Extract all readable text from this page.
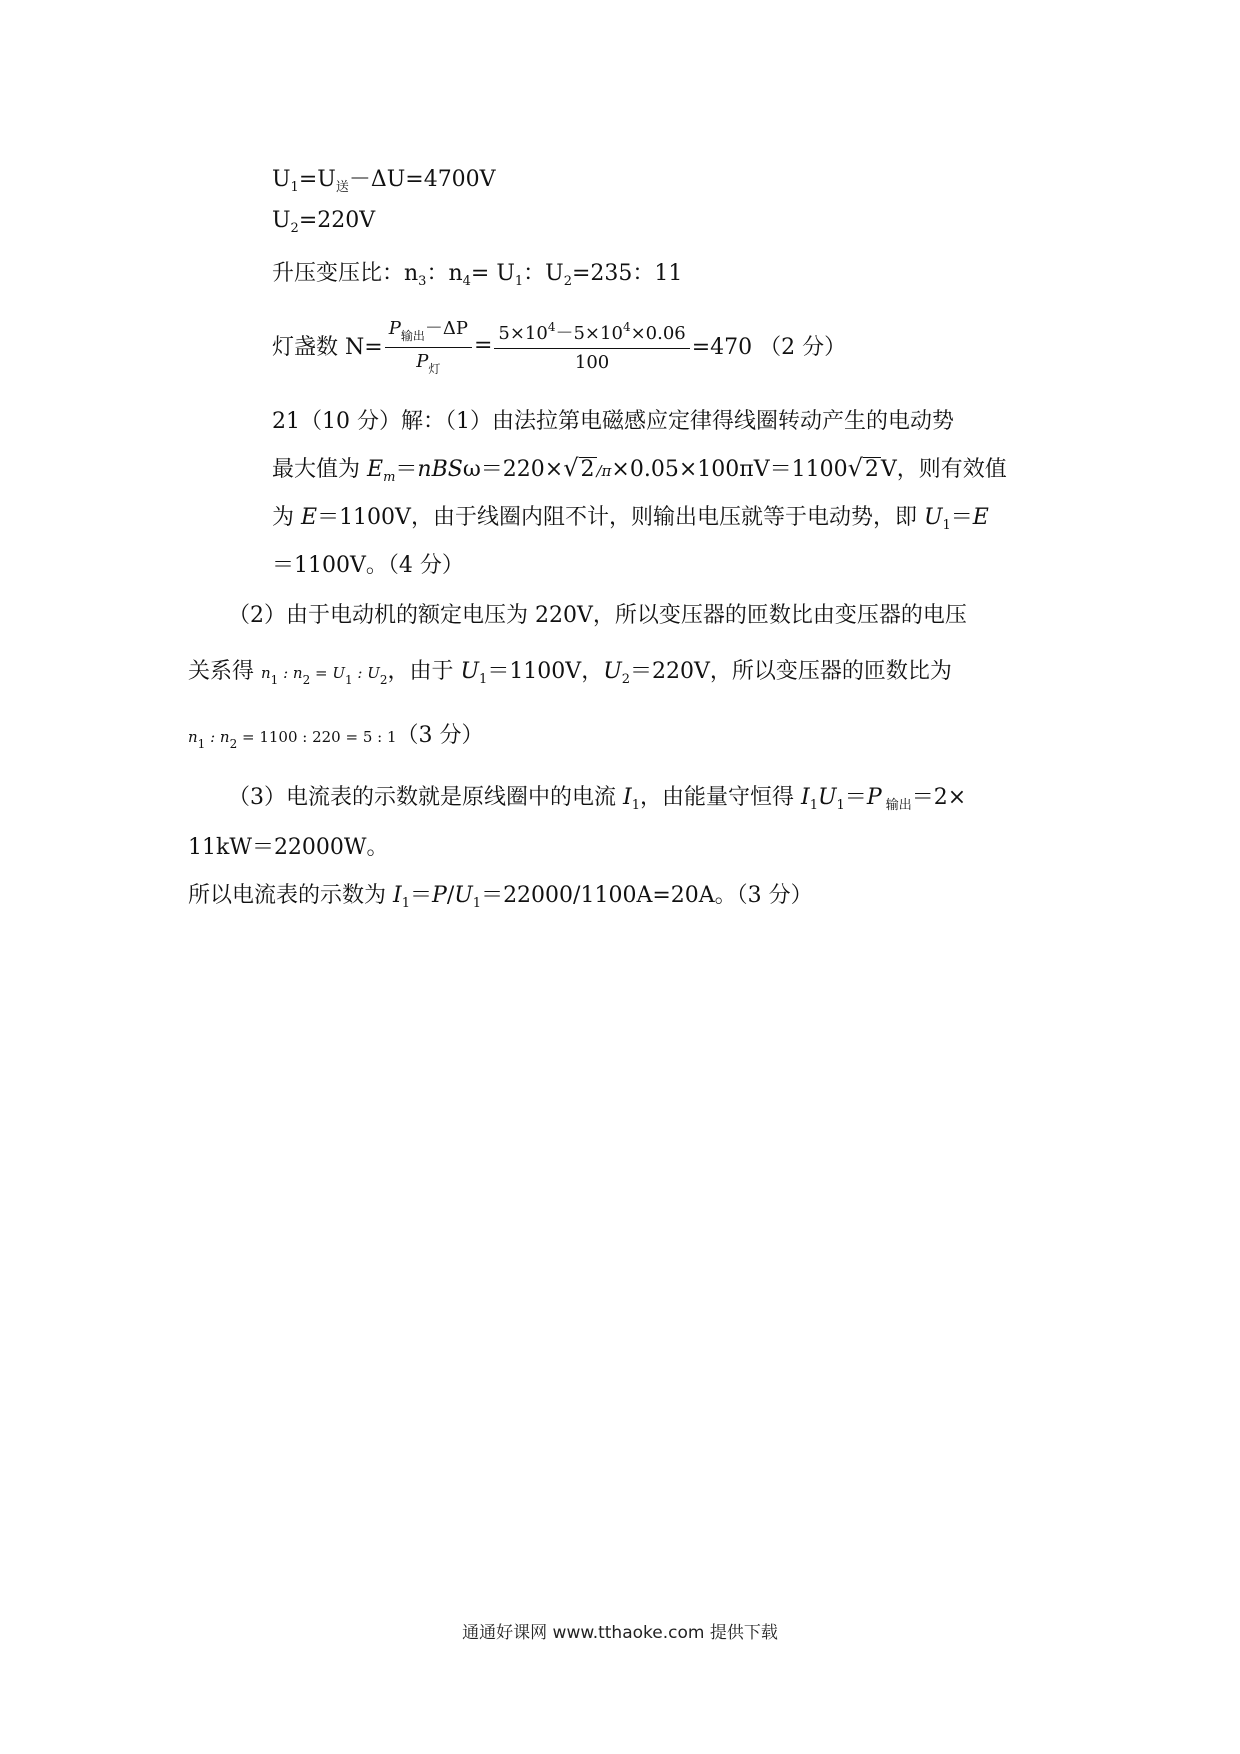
$U_1=U_送-\Delta U=4700V$
$U_2=220V$
升压变压比：$n_3$：$n_4= U_1$：$U_2=235$：11
灯盏数 $N= \frac{P_{输出}-\Delta P}{P_灯} = \frac{5\times 10^4-5\times 10^4\times 0.06}{100} =470$ （2 分）
21（10 分）解：（1）由法拉第电磁感应定律得线圈转动产生的电动势
最大值为 $E_m=nBS\omega=220\times√2$ /π×0.05×100πV＝1100√2V，则有效值
为 E＝1100V，由于线圈内阻不计，则输出电压就等于电动势，即 $U_1=E$
＝1100V。（4 分）
（2）由于电动机的额定电压为 220V，所以变压器的匝数比由变压器的电压
关系得 $n_1$ : $n_2 = U_1$ : $U_2$，由于 $U_1=1100V$，$U_2=220V$，所以变压器的匝数比为
$n_1$ : $n_2 = 1100$ : 220 = 5 : 1（3 分）
（3）电流表的示数就是原线圈中的电流 $I_1$，由能量守恒得 $I_1U_1=P$ $_{输出}$＝2×
11kW＝22000W。
所以电流表的示数为 $I_1=P/U_1=22000/1100A=20A$。（3 分）
通通好课网 www.tthaoke.com 提供下载
